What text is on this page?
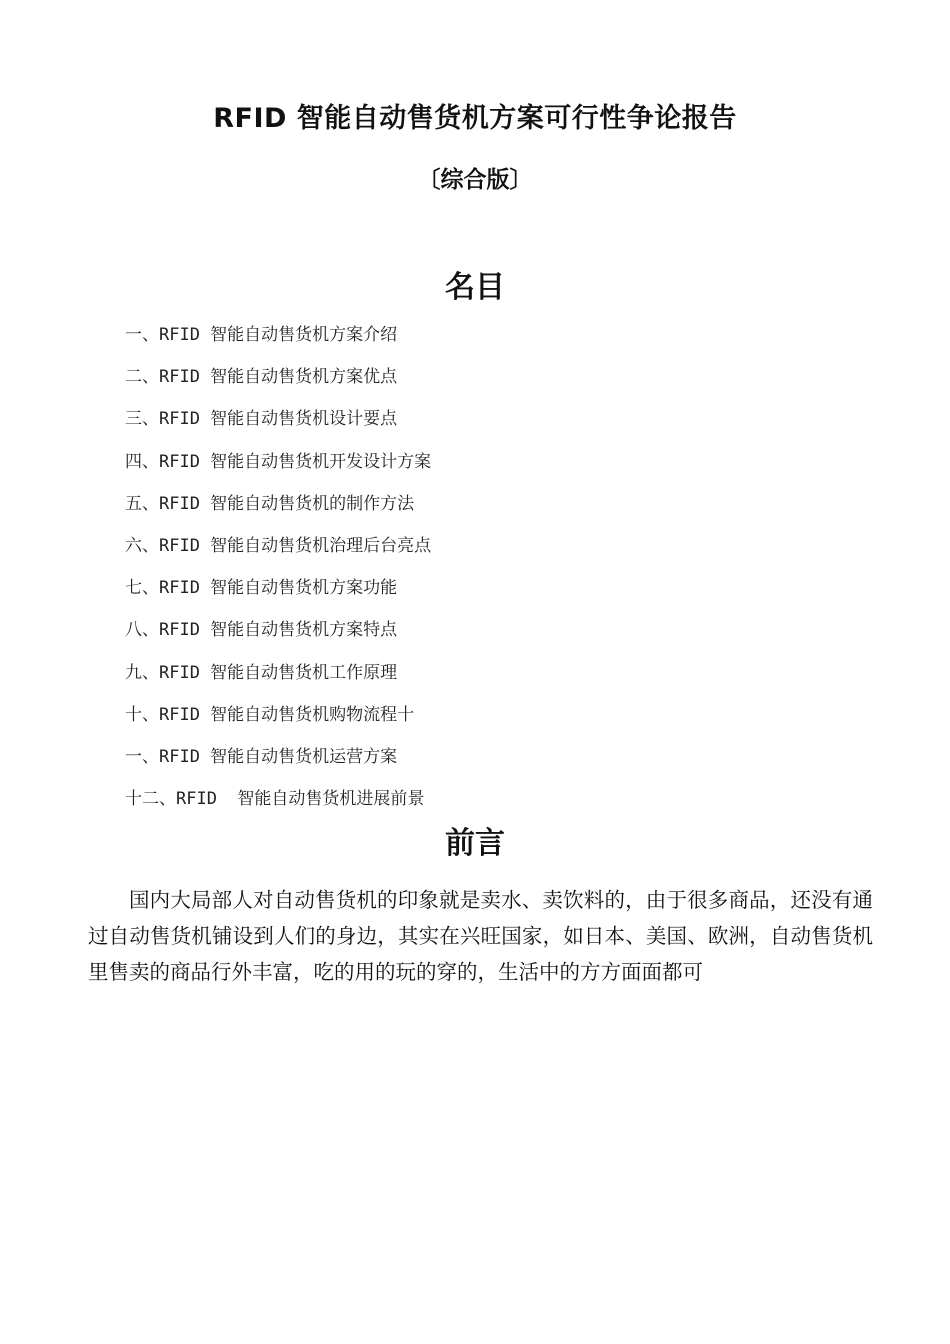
RFID 智能自动售货机方案可行性争论报告
〔综合版〕
名目
一、RFID 智能自动售货机方案介绍
二、RFID 智能自动售货机方案优点
三、RFID 智能自动售货机设计要点
四、RFID 智能自动售货机开发设计方案
五、RFID 智能自动售货机的制作方法
六、RFID 智能自动售货机治理后台亮点
七、RFID 智能自动售货机方案功能
八、RFID 智能自动售货机方案特点
九、RFID 智能自动售货机工作原理
十、RFID 智能自动售货机购物流程十
一、RFID 智能自动售货机运营方案
十二、RFID  智能自动售货机进展前景
前言

国内大局部人对自动售货机的印象就是卖水、卖饮料的，由于很多商品，还没有通过自动售货机铺设到人们的身边，其实在兴旺国家，如日本、美国、欧洲，自动售货机里售卖的商品行外丰富，吃的用的玩的穿的，生活中的方方面面都可
